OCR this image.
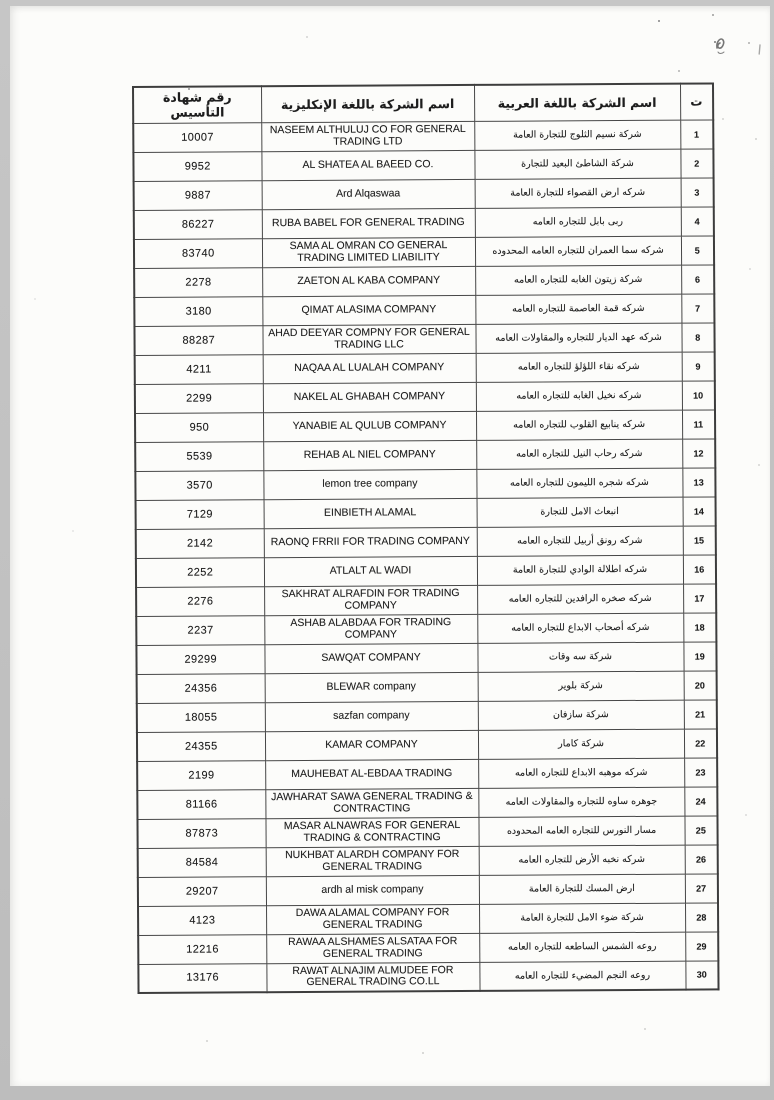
رقم شهادة التأسيس	اسم الشركة باللغة الإنكليزية	اسم الشركة باللغة العربية	ت
10007	NASEEM ALTHULUJ CO FOR GENERAL TRADING LTD	شركة نسيم الثلوج للتجارة العامة	1
9952	AL SHATEA AL BAEED CO.	شركة الشاطئ البعيد للتجارة	2
9887	Ard Alqaswaa	شركه ارض القصواء للتجارة العامة	3
86227	RUBA BABEL FOR GENERAL TRADING	ربى بابل للتجاره العامه	4
83740	SAMA AL OMRAN CO GENERAL TRADING LIMITED LIABILITY	شركه سما العمران للتجاره العامه المحدوده	5
2278	ZAETON AL KABA COMPANY	شركة زيتون الغابه للتجاره العامه	6
3180	QIMAT ALASIMA COMPANY	شركه قمة العاصمة للتجاره العامه	7
88287	AHAD DEEYAR COMPNY FOR GENERAL TRADING LLC	شركه عهد الديار للتجاره والمقاولات العامه	8
4211	NAQAA AL LUALAH COMPANY	شركه نقاء اللؤلؤ للتجاره العامه	9
2299	NAKEL AL GHABAH COMPANY	شركه نخيل الغابه للتجاره العامه	10
950	YANABIE AL QULUB COMPANY	شركه ينابيع القلوب للتجاره العامه	11
5539	REHAB AL NIEL COMPANY	شركه رحاب النيل للتجاره العامه	12
3570	lemon tree company	شركه شجره الليمون للتجاره العامه	13
7129	EINBIETH ALAMAL	انبعاث الامل للتجارة	14
2142	RAONQ FRRII FOR TRADING COMPANY	شركه رونق أربيل للتجاره العامه	15
2252	ATLALT AL WADI	شركه اطلالة الوادي للتجارة العامة	16
2276	SAKHRAT ALRAFDIN FOR TRADING COMPANY	شركه صخره الرافدين للتجاره العامه	17
2237	ASHAB ALABDAA FOR TRADING COMPANY	شركه أصحاب الابداع للتجاره العامه	18
29299	SAWQAT COMPANY	شركة سه وقات	19
24356	BLEWAR company	شركة بلوير	20
18055	sazfan company	شركة سازفان	21
24355	KAMAR COMPANY	شركة كامار	22
2199	MAUHEBAT AL-EBDAA TRADING	شركه موهبه الابداع للتجاره العامه	23
81166	JAWHARAT SAWA GENERAL TRADING & CONTRACTING	جوهره ساوه للتجاره والمقاولات العامه	24
87873	MASAR ALNAWRAS FOR GENERAL TRADING & CONTRACTING	مسار النورس للتجاره العامه المحدوده	25
84584	NUKHBAT ALARDH COMPANY FOR GENERAL TRADING	شركه نخبه الأرض للتجاره العامه	26
29207	ardh al misk company	ارض المسك للتجارة العامة	27
4123	DAWA ALAMAL COMPANY FOR GENERAL TRADING	شركة ضوء الامل للتجارة العامة	28
12216	RAWAA ALSHAMES ALSATAA FOR GENERAL TRADING	روعه الشمس الساطعه للتجاره العامه	29
13176	RAWAT ALNAJIM ALMUDEE FOR GENERAL TRADING CO.LL	روعه النجم المضيء للتجاره العامه	30
